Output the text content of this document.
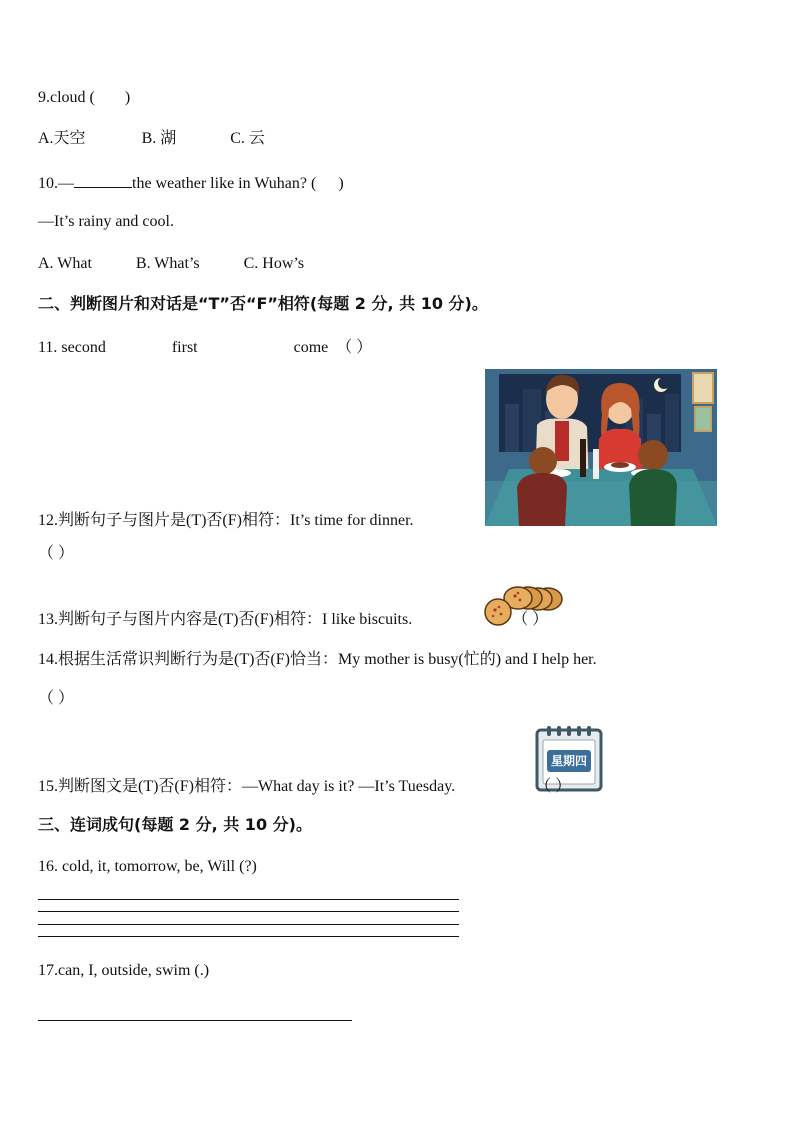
9.cloud ( )
A.天空	B. 湖	C. 云
10.—	the weather like in Wuhan? ( )
—It’s rainy and cool.
A. What	B. What’s	C. How’s
二、判断图片和对话是“T”否“F”相符(每题 2 分, 共 10 分)。
11. second	first	come （ ）
12.判断句子与图片是(T)否(F)相符：It’s time for dinner.
（ ）
13.判断句子与图片内容是(T)否(F)相符：I like biscuits.	（ ）
14.根据生活常识判断行为是(T)否(F)恰当：My mother is busy(忙的) and I help her.
（ ）
星期四
15.判断图文是(T)否(F)相符：—What day is it? —It’s Tuesday.	（ ）
三、连词成句(每题 2 分, 共 10 分)。
16. cold, it, tomorrow, be, Will (?)
17.can, I, outside, swim (.)
